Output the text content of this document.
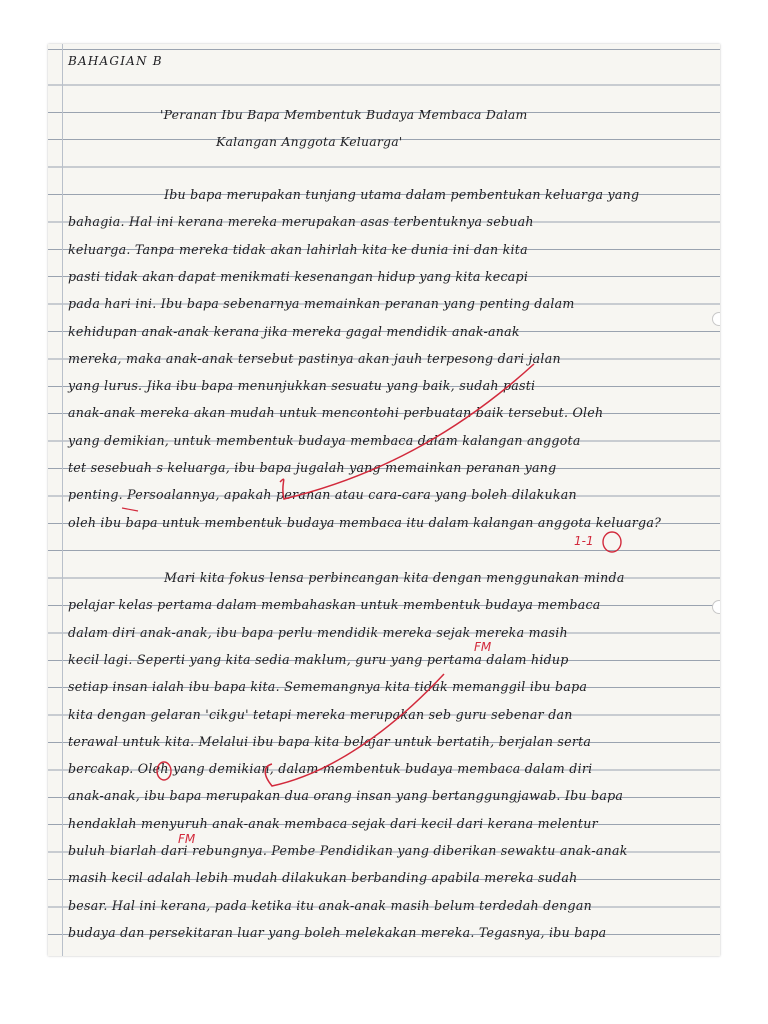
BAHAGIAN B
'Peranan Ibu Bapa Membentuk Budaya Membaca Dalam
Kalangan Anggota Keluarga'
Ibu bapa merupakan tunjang utama dalam pembentukan keluarga yang
bahagia. Hal ini kerana mereka merupakan asas terbentuknya sebuah
keluarga. Tanpa mereka tidak akan lahirlah kita ke dunia ini dan kita
pasti tidak akan dapat menikmati kesenangan hidup yang kita kecapi
pada hari ini. Ibu bapa sebenarnya memainkan peranan yang penting dalam
kehidupan anak-anak kerana jika mereka gagal mendidik anak-anak
mereka, maka anak-anak tersebut pastinya akan jauh terpesong dari jalan
yang lurus. Jika ibu bapa menunjukkan sesuatu yang baik, sudah pasti
anak-anak mereka akan mudah untuk mencontohi perbuatan baik tersebut. Oleh
yang demikian, untuk membentuk budaya membaca dalam kalangan anggota
tet sesebuah s keluarga, ibu bapa jugalah yang memainkan peranan yang
penting. Persoalannya, apakah peranan atau cara-cara yang boleh dilakukan
oleh ibu bapa untuk membentuk budaya membaca itu dalam kalangan anggota keluarga?
Mari kita fokus lensa perbincangan kita dengan menggunakan minda
pelajar kelas pertama dalam membahaskan untuk membentuk budaya membaca
dalam diri anak-anak, ibu bapa perlu mendidik mereka sejak mereka masih
kecil lagi. Seperti yang kita sedia maklum, guru yang pertama dalam hidup
setiap insan ialah ibu bapa kita. Sememangnya kita tidak memanggil ibu bapa
kita dengan gelaran 'cikgu' tetapi mereka merupakan seb guru sebenar dan
terawal untuk kita. Melalui ibu bapa kita belajar untuk bertatih, berjalan serta
bercakap. Oleh yang demikian, dalam membentuk budaya membaca dalam diri
anak-anak, ibu bapa merupakan dua orang insan yang bertanggungjawab. Ibu bapa
hendaklah menyuruh anak-anak membaca sejak dari kecil dari kerana melentur
buluh biarlah dari rebungnya. Pembe Pendidikan yang diberikan sewaktu anak-anak
masih kecil adalah lebih mudah dilakukan berbanding apabila mereka sudah
besar. Hal ini kerana, pada ketika itu anak-anak masih belum terdedah dengan
budaya dan persekitaran luar yang boleh melekakan mereka. Tegasnya, ibu bapa
1-1
FM
FM
